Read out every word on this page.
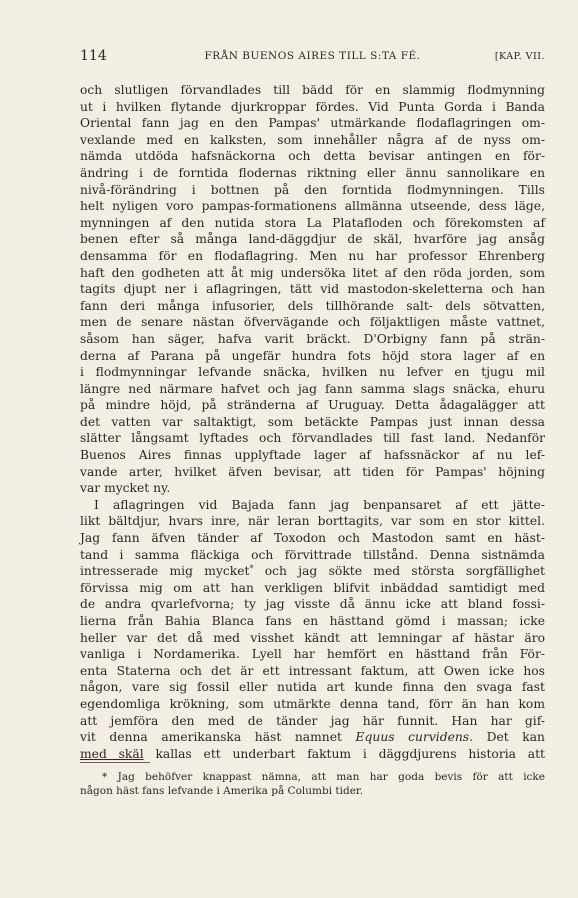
114	FRÅN BUENOS AIRES TILL S:TA FÉ.	[KAP. VII.
och slutligen förvandlades till bädd för en slammig flodmynning
ut i hvilken flytande djurkroppar fördes. Vid Punta Gorda i Banda
Oriental fann jag en den Pampas' utmärkande flodaflagringen om-
vexlande med en kalksten, som innehåller några af de nyss om-
nämda utdöda hafsnäckorna och detta bevisar antingen en för-
ändring i de forntida flodernas riktning eller ännu sannolikare en
nivå-förändring i bottnen på den forntida flodmynningen. Tills
helt nyligen voro pampas-formationens allmänna utseende, dess läge,
mynningen af den nutida stora La Platafloden och förekomsten af
benen efter så många land-däggdjur de skäl, hvarföre jag ansåg
densamma för en flodaflagring. Men nu har professor Ehrenberg
haft den godheten att åt mig undersöka litet af den röda jorden, som
tagits djupt ner i aflagringen, tätt vid mastodon-skeletterna och han
fann deri många infusorier, dels tillhörande salt- dels sötvatten,
men de senare nästan öfvervägande och följaktligen måste vattnet,
såsom han säger, hafva varit bräckt. D'Orbigny fann på strän-
derna af Parana på ungefär hundra fots höjd stora lager af en
i flodmynningar lefvande snäcka, hvilken nu lefver en tjugu mil
längre ned närmare hafvet och jag fann samma slags snäcka, ehuru
på mindre höjd, på stränderna af Uruguay. Detta ådagalägger att
det vatten var saltaktigt, som betäckte Pampas just innan dessa
slätter långsamt lyftades och förvandlades till fast land. Nedanför
Buenos Aires finnas upplyftade lager af hafssnäckor af nu lef-
vande arter, hvilket äfven bevisar, att tiden för Pampas' höjning
var mycket ny.
I aflagringen vid Bajada fann jag benpansaret af ett jätte-
likt bältdjur, hvars inre, när leran borttagits, var som en stor kittel.
Jag fann äfven tänder af Toxodon och Mastodon samt en häst-
tand i samma fläckiga och förvittrade tillstånd. Denna sistnämda
intresserade mig mycket* och jag sökte med största sorgfällighet
förvissa mig om att han verkligen blifvit inbäddad samtidigt med
de andra qvarlefvorna; ty jag visste då ännu icke att bland fossi-
lierna från Bahia Blanca fans en hästtand gömd i massan; icke
heller var det då med visshet kändt att lemningar af hästar äro
vanliga i Nordamerika. Lyell har hemfört en hästtand från För-
enta Staterna och det är ett intressant faktum, att Owen icke hos
någon, vare sig fossil eller nutida art kunde finna den svaga fast
egendomliga krökning, som utmärkte denna tand, förr än han kom
att jemföra den med de tänder jag här funnit. Han har gif-
vit denna amerikanska häst namnet Equus curvidens. Det kan
med skäl kallas ett underbart faktum i däggdjurens historia att
* Jag behöfver knappast nämna, att man har goda bevis för att icke
någon häst fans lefvande i Amerika på Columbi tider.
